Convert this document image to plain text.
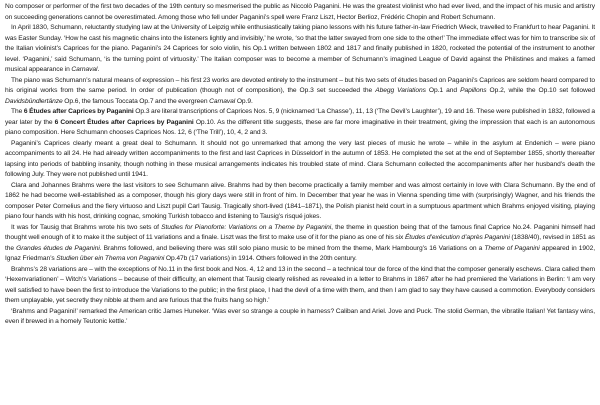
No composer or performer of the first two decades of the 19th century so mesmerised the public as Niccolò Paganini. He was the greatest violinist who had ever lived, and the impact of his music and artistry on succeeding generations cannot be overestimated. Among those who fell under Paganini’s spell were Franz Liszt, Hector Berlioz, Frédéric Chopin and Robert Schumann.

In April 1830, Schumann, reluctantly studying law at the University of Leipzig while enthusiastically taking piano lessons with his future father-in-law Friedrich Wieck, travelled to Frankfurt to hear Paganini. It was Easter Sunday. ‘How he cast his magnetic chains into the listeners lightly and invisibly,’ he wrote, ‘so that the latter swayed from one side to the other!’ The immediate effect was for him to transcribe six of the Italian violinist’s Caprices for the piano. Paganini’s 24 Caprices for solo violin, his Op.1 written between 1802 and 1817 and finally published in 1820, rocketed the potential of the instrument to another level. ‘Paganini,’ said Schumann, ‘is the turning point of virtuosity.’ The Italian composer was to become a member of Schumann’s imagined League of David against the Philistines and makes a famed musical appearance in Carnaval.

The piano was Schumann’s natural means of expression – his first 23 works are devoted entirely to the instrument – but his two sets of études based on Paganini’s Caprices are seldom heard compared to his original works from the same period. In order of publication (though not of composition), the Op.3 set succeeded the Abegg Variations Op.1 and Papillons Op.2, while the Op.10 set followed Davidsbündlertänze Op.6, the famous Toccata Op.7 and the evergreen Carnaval Op.9.

The 6 Études after Caprices by Paganini Op.3 are literal transcriptions of Caprices Nos. 5, 9 (nicknamed ‘La Chasse’), 11, 13 (‘The Devil’s Laughter’), 19 and 16. These were published in 1832, followed a year later by the 6 Concert Études after Caprices by Paganini Op.10. As the different title suggests, these are far more imaginative in their treatment, giving the impression that each is an autonomous piano composition. Here Schumann chooses Caprices Nos. 12, 6 (‘The Trill’), 10, 4, 2 and 3.

Paganini’s Caprices clearly meant a great deal to Schumann. It should not go unremarked that among the very last pieces of music he wrote – while in the asylum at Endenich – were piano accompaniments to all 24. He had already written accompaniments to the first and last Caprices in Düsseldorf in the autumn of 1853. He completed the set at the end of September 1855, shortly thereafter lapsing into periods of babbling insanity, though nothing in these musical arrangements indicates his troubled state of mind. Clara Schumann collected the accompaniments after her husband’s death the following July. They were not published until 1941.

Clara and Johannes Brahms were the last visitors to see Schumann alive. Brahms had by then become practically a family member and was almost certainly in love with Clara Schumann. By the end of 1862 he had become well-established as a composer, though his glory days were still in front of him. In December that year he was in Vienna spending time with (surprisingly) Wagner, and his friends the composer Peter Cornelius and the fiery virtuoso and Liszt pupil Carl Tausig. Tragically short-lived (1841–1871), the Polish pianist held court in a sumptuous apartment which Brahms enjoyed visiting, playing piano four hands with his host, drinking cognac, smoking Turkish tobacco and listening to Tausig’s risqué jokes.

It was for Tausig that Brahms wrote his two sets of Studies for Pianoforte: Variations on a Theme by Paganini, the theme in question being that of the famous final Caprice No.24. Paganini himself had thought well enough of it to make it the subject of 11 variations and a finale. Liszt was the first to make use of it for the piano as one of his six Études d’exécution d’après Paganini (1838/40), revised in 1851 as the Grandes études de Paganini. Brahms followed, and believing there was still solo piano music to be mined from the theme, Mark Hambourg’s 16 Variations on a Theme of Paganini appeared in 1902, Ignaz Friedman’s Studien über ein Thema von Paganini Op.47b (17 variations) in 1914. Others followed in the 20th century.

Brahms’s 28 variations are – with the exceptions of No.11 in the first book and Nos. 4, 12 and 13 in the second – a technical tour de force of the kind that the composer generally eschews. Clara called them ‘Hexenvariationen’ – Witch’s Variations – because of their difficulty, an element that Tausig clearly relished as revealed in a letter to Brahms in 1867 after he had premiered the Variations in Berlin: ‘I am very well satisfied to have been the first to introduce the Variations to the public; in the first place, I had the devil of a time with them, and then I am glad to say they have caused a commotion. Everybody considers them unplayable, yet secretly they nibble at them and are furious that the fruits hang so high.’

‘Brahms and Paganini!’ remarked the American critic James Huneker. ‘Was ever so strange a couple in harness? Caliban and Ariel. Jove and Puck. The stolid German, the vibratile Italian! Yet fantasy wins, even if brewed in a homely Teutonic kettle.’
